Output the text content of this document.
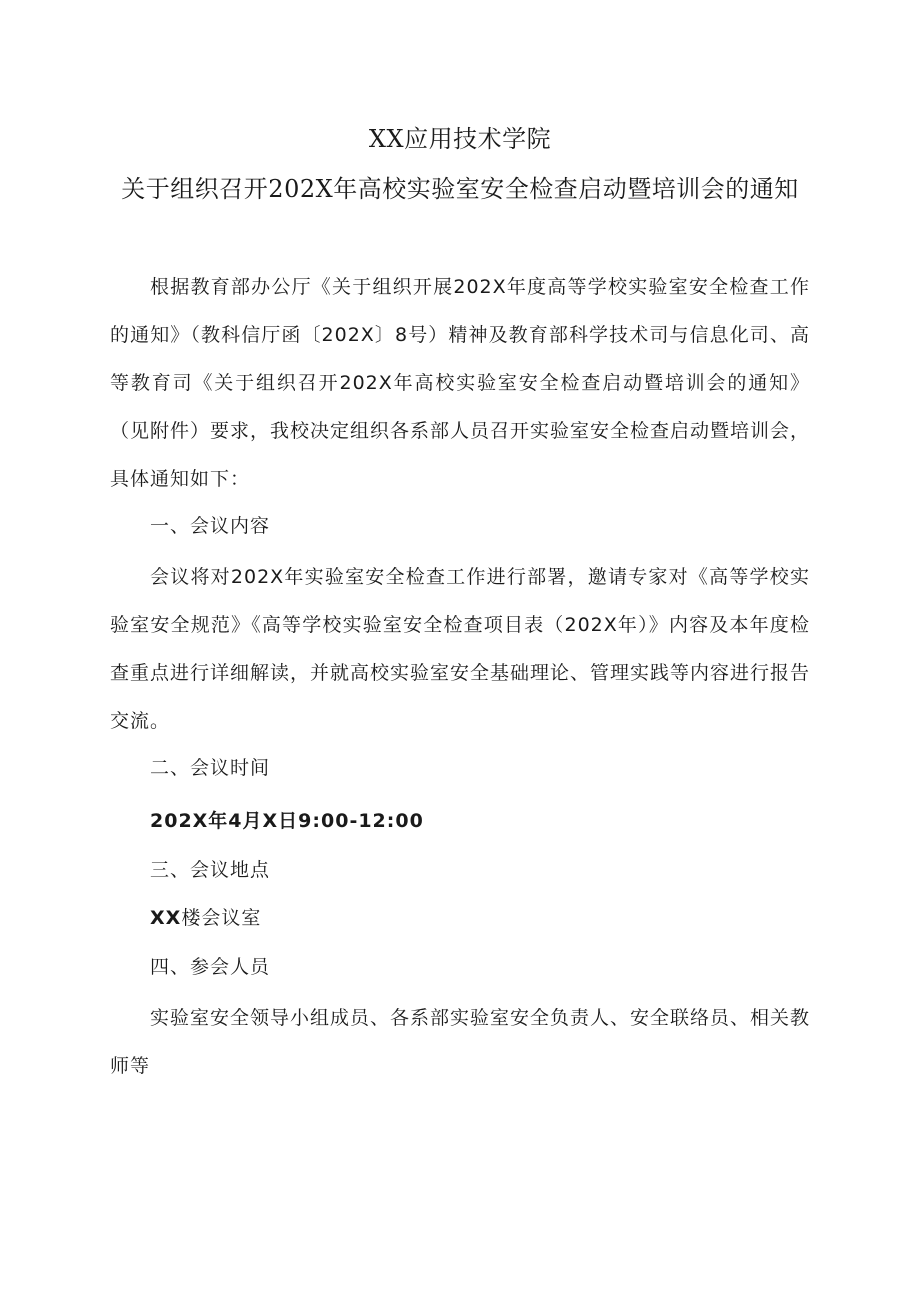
XX应用技术学院
关于组织召开202X年高校实验室安全检查启动暨培训会的通知

根据教育部办公厅《关于组织开展202X年度高等学校实验室安全检查工作的通知》（教科信厅函〔202X〕8号）精神及教育部科学技术司与信息化司、高等教育司《关于组织召开202X年高校实验室安全检查启动暨培训会的通知》（见附件）要求，我校决定组织各系部人员召开实验室安全检查启动暨培训会，具体通知如下：

一、会议内容

会议将对202X年实验室安全检查工作进行部署，邀请专家对《高等学校实验室安全规范》《高等学校实验室安全检查项目表（202X年）》内容及本年度检查重点进行详细解读，并就高校实验室安全基础理论、管理实践等内容进行报告交流。

二、会议时间

202X年4月X日9:00-12:00

三、会议地点

XX楼会议室

四、参会人员

实验室安全领导小组成员、各系部实验室安全负责人、安全联络员、相关教师等
